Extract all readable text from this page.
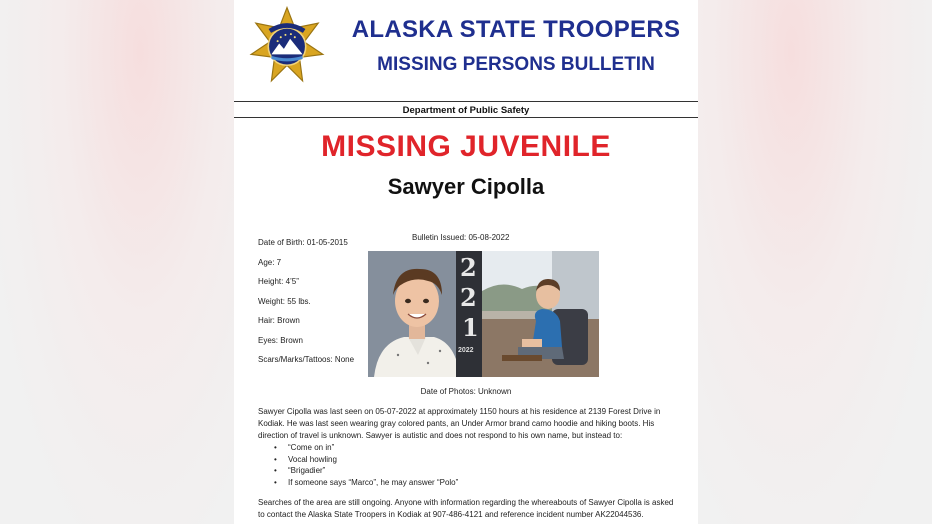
ALASKA STATE TROOPERS
MISSING PERSONS BULLETIN
Department of Public Safety
MISSING JUVENILE
Sawyer Cipolla
Bulletin Issued: 05-08-2022
Date of Birth: 01-05-2015
Age: 7
Height: 4’5”
Weight: 55 lbs.
Hair: Brown
Eyes: Brown
Scars/Marks/Tattoos: None
2
2
1
2022
Date of Photos: Unknown
Sawyer Cipolla was last seen on 05-07-2022 at approximately 1150 hours at his residence at 2139 Forest Drive in Kodiak. He was last seen wearing gray colored pants, an Under Armor brand camo hoodie and hiking boots. His direction of travel is unknown. Sawyer is autistic and does not respond to his own name, but instead to:
• “Come on in”
• Vocal howling
• “Brigadier”
• If someone says “Marco”, he may answer “Polo”
Searches of the area are still ongoing. Anyone with information regarding the whereabouts of Sawyer Cipolla is asked to contact the Alaska State Troopers in Kodiak at 907-486-4121 and reference incident number AK22044536.
